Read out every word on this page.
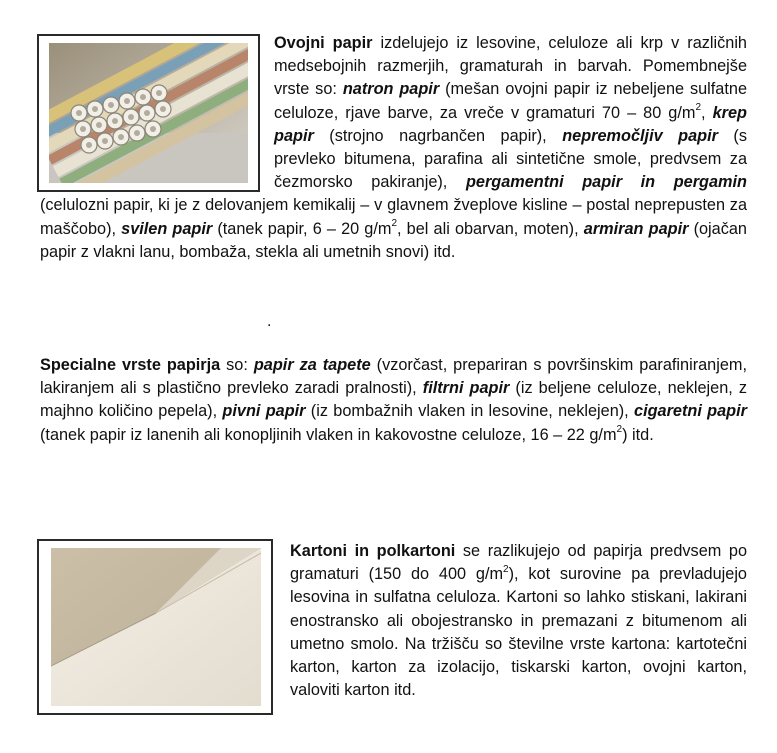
Ovojni papir izdelujejo iz lesovine, celuloze ali krp v različnih medsebojnih razmerjih, gramaturah in barvah. Pomembnejše vrste so: natron papir (mešan ovojni papir iz nebeljene sulfatne celuloze, rjave barve, za vreče v gramaturi 70 – 80 $g/m^2$, krep papir (strojno nagrbančen papir), nepremočljiv papir (s prevleko bitumena, parafina ali sintetične smole, predvsem za čezmorsko pakiranje), pergamentni papir in pergamin (celulozni papir, ki je z delovanjem kemikalij – v glavnem žveplove kisline – postal neprepusten za maščobo), svilen papir (tanek papir, 6 – 20 $g/m^2$, bel ali obarvan, moten), armiran papir (ojačan papir z vlakni lanu, bombaža, stekla ali umetnih snovi) itd.
.
Specialne vrste papirja so: papir za tapete (vzorčast, prepariran s površinskim parafiniranjem, lakiranjem ali s plastično prevleko zaradi pralnosti), filtrni papir (iz beljene celuloze, neklejen, z majhno količino pepela), pivni papir (iz bombažnih vlaken in lesovine, neklejen), cigaretni papir (tanek papir iz lanenih ali konopljinih vlaken in kakovostne celuloze, 16 – 22 $g/m^2$) itd.
Kartoni in polkartoni se razlikujejo od papirja predvsem po gramaturi (150 do 400 $g/m^2$), kot surovine pa prevladujejo lesovina in sulfatna celuloza. Kartoni so lahko stiskani, lakirani enostransko ali obojestransko in premazani z bitumenom ali umetno smolo. Na tržišču so številne vrste kartona: kartotečni karton, karton za izolacijo, tiskarski karton, ovojni karton, valoviti karton itd.
